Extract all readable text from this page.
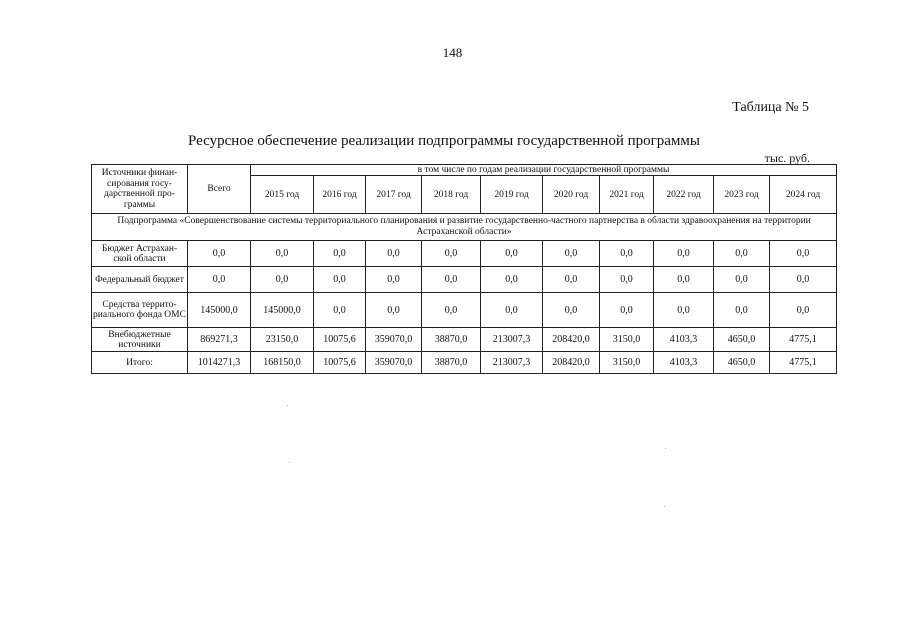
148
Таблица № 5
Ресурсное обеспечение реализации подпрограммы государственной программы
тыс. руб.
Источники финан-сирования госу-дарственной про-граммы	Всего	в том числе по годам реализации государственной программы									
		2015 год	2016 год	2017 год	2018 год	2019 год	2020 год	2021 год	2022 год	2023 год	2024 год
Подпрограмма «Совершенствование системы территориального планирования и развитие государственно-частного партнерства в области здравоохранения на территории Астраханской области»											
Бюджет Астрахан-ской области	0,0	0,0	0,0	0,0	0,0	0,0	0,0	0,0	0,0	0,0	0,0
Федеральный бюджет	0,0	0,0	0,0	0,0	0,0	0,0	0,0	0,0	0,0	0,0	0,0
Средства террито-риального фонда ОМС	145000,0	145000,0	0,0	0,0	0,0	0,0	0,0	0,0	0,0	0,0	0,0
Внебюджетные источники	869271,3	23150,0	10075,6	359070,0	38870,0	213007,3	208420,0	3150,0	4103,3	4650,0	4775,1
Итого:	1014271,3	168150,0	10075,6	359070,0	38870,0	213007,3	208420,0	3150,0	4103,3	4650,0	4775,1
